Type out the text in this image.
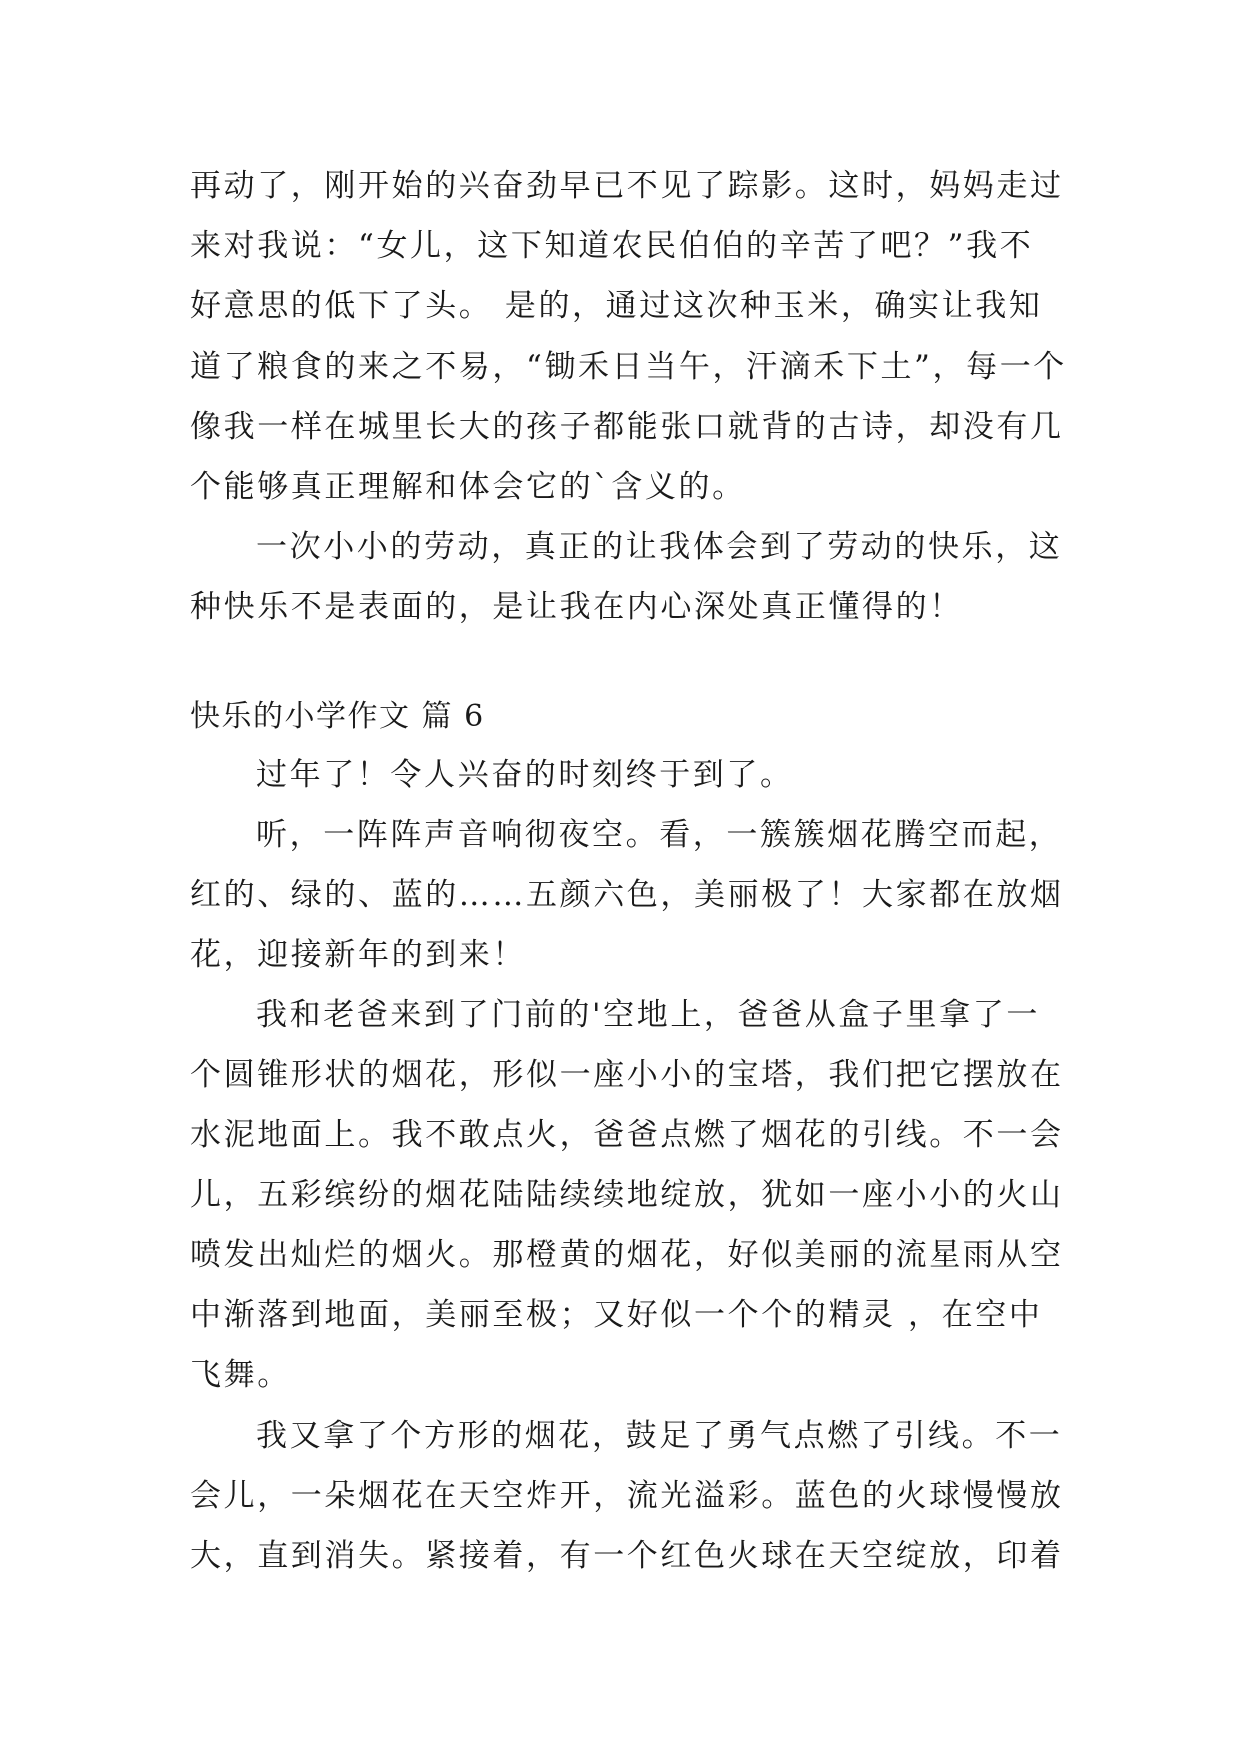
再动了，刚开始的兴奋劲早已不见了踪影。这时，妈妈走过
来对我说：“女儿，这下知道农民伯伯的辛苦了吧？”我不
好意思的低下了头。 是的，通过这次种玉米，确实让我知
道了粮食的来之不易，“锄禾日当午，汗滴禾下土”，每一个
像我一样在城里长大的孩子都能张口就背的古诗，却没有几
个能够真正理解和体会它的`含义的。
一次小小的劳动，真正的让我体会到了劳动的快乐，这
种快乐不是表面的，是让我在内心深处真正懂得的！
快乐的小学作文 篇 6
过年了！令人兴奋的时刻终于到了。
听，一阵阵声音响彻夜空。看，一簇簇烟花腾空而起，
红的、绿的、蓝的……五颜六色，美丽极了！大家都在放烟
花，迎接新年的到来！
我和老爸来到了门前的'空地上，爸爸从盒子里拿了一
个圆锥形状的烟花，形似一座小小的宝塔，我们把它摆放在
水泥地面上。我不敢点火，爸爸点燃了烟花的引线。不一会
儿，五彩缤纷的烟花陆陆续续地绽放，犹如一座小小的火山
喷发出灿烂的烟火。那橙黄的烟花，好似美丽的流星雨从空
中渐落到地面，美丽至极；又好似一个个的精灵 ，在空中
飞舞。
我又拿了个方形的烟花，鼓足了勇气点燃了引线。不一
会儿，一朵烟花在天空炸开，流光溢彩。蓝色的火球慢慢放
大，直到消失。紧接着，有一个红色火球在天空绽放，印着
